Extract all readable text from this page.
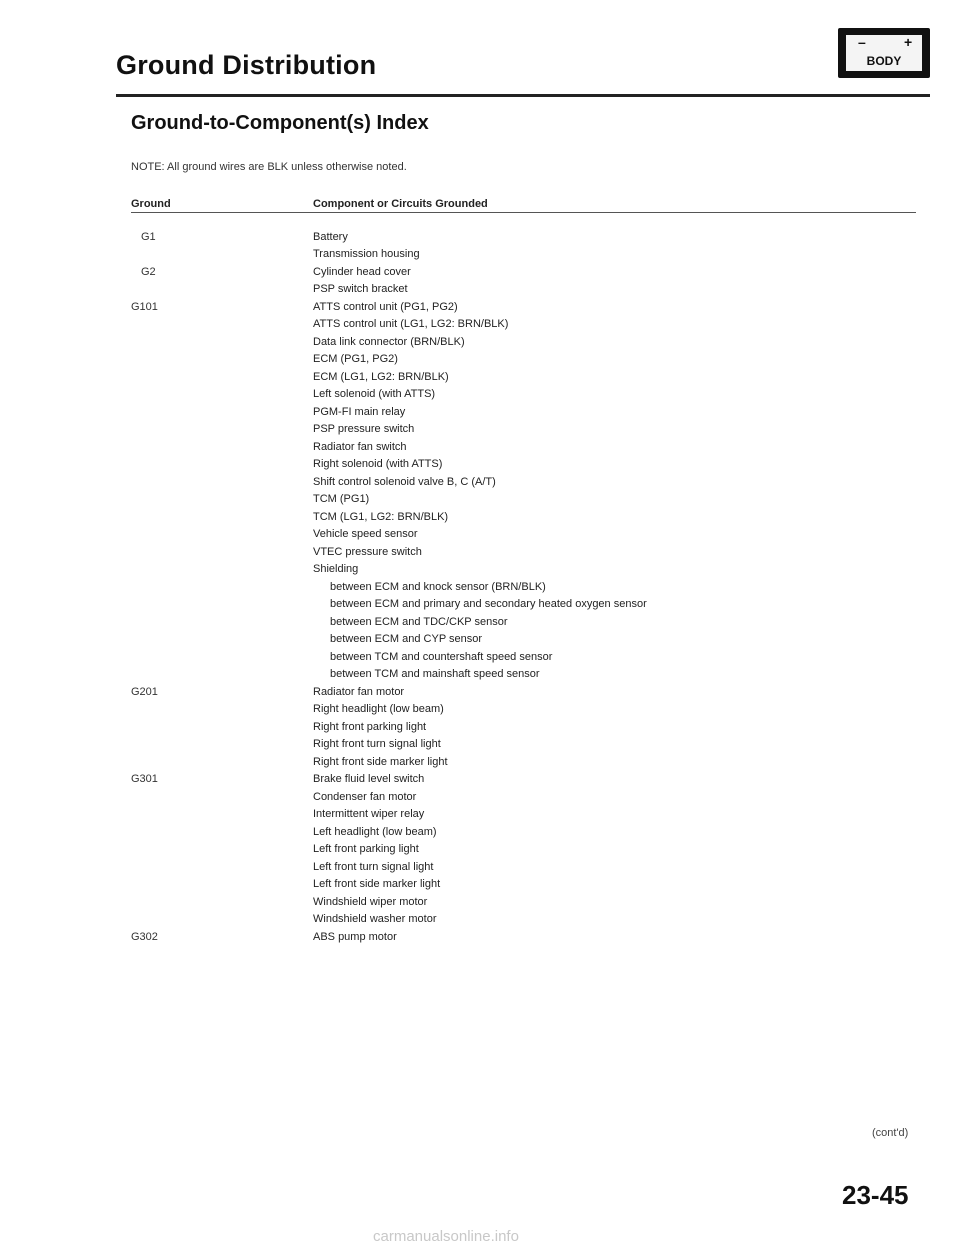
Ground Distribution
–	+
BODY
Ground-to-Component(s) Index
NOTE: All ground wires are BLK unless otherwise noted.
Ground	Component or Circuits Grounded
G1
G2
G101
G201
G301
G302
Battery
Transmission housing
Cylinder head cover
PSP switch bracket
ATTS control unit (PG1, PG2)
ATTS control unit (LG1, LG2: BRN/BLK)
Data link connector (BRN/BLK)
ECM (PG1, PG2)
ECM (LG1, LG2: BRN/BLK)
Left solenoid (with ATTS)
PGM-FI main relay
PSP pressure switch
Radiator fan switch
Right solenoid (with ATTS)
Shift control solenoid valve B, C (A/T)
TCM (PG1)
TCM (LG1, LG2: BRN/BLK)
Vehicle speed sensor
VTEC pressure switch
Shielding
between ECM and knock sensor (BRN/BLK)
between ECM and primary and secondary heated oxygen sensor
between ECM and TDC/CKP sensor
between ECM and CYP sensor
between TCM and countershaft speed sensor
between TCM and mainshaft speed sensor
Radiator fan motor
Right headlight (low beam)
Right front parking light
Right front turn signal light
Right front side marker light
Brake fluid level switch
Condenser fan motor
Intermittent wiper relay
Left headlight (low beam)
Left front parking light
Left front turn signal light
Left front side marker light
Windshield wiper motor
Windshield washer motor
ABS pump motor
(cont'd)
23-45
carmanualsonline.info
